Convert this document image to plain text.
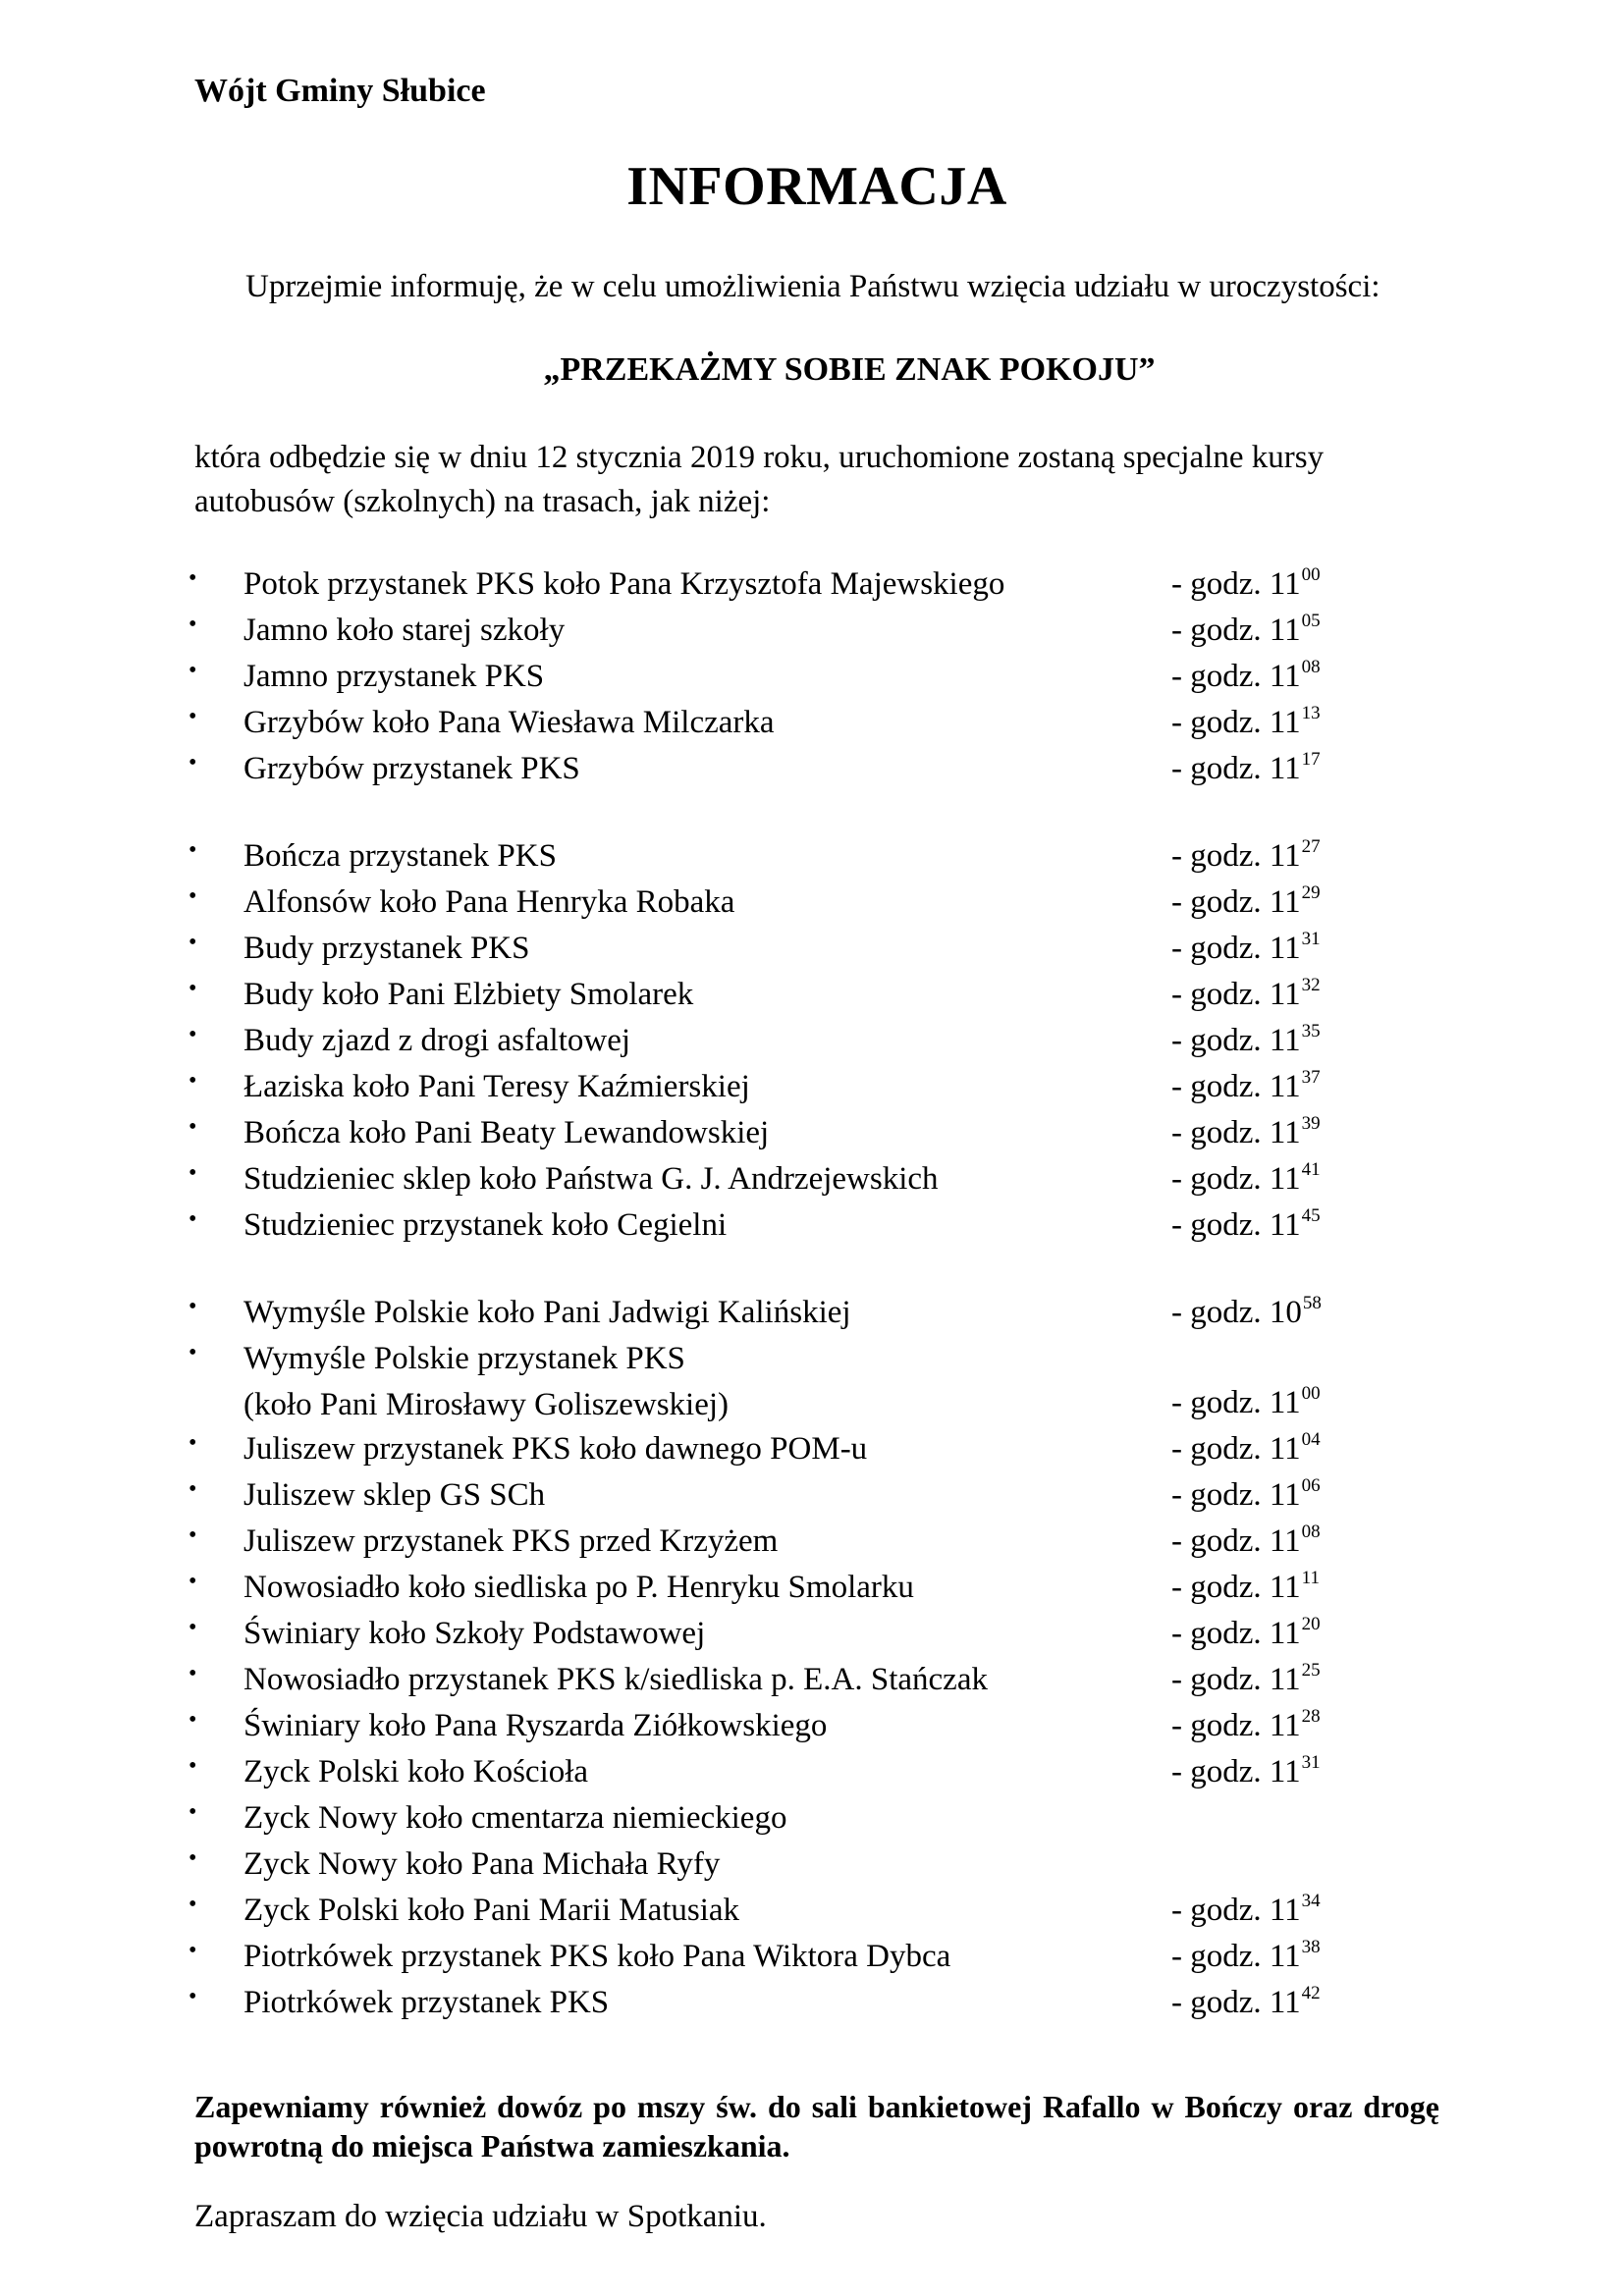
Wójt Gminy Słubice
INFORMACJA
Uprzejmie informuję, że w celu umożliwienia Państwu wzięcia udziału w uroczystości:
„PRZEKAŻMY SOBIE ZNAK POKOJU”
która odbędzie się w dniu 12 stycznia 2019 roku, uruchomione zostaną specjalne kursy autobusów (szkolnych) na trasach, jak niżej:
• Potok przystanek PKS koło Pana Krzysztofa Majewskiego	- godz. $11^{00}$
• Jamno koło starej szkoły	- godz. $11^{05}$
• Jamno przystanek PKS	- godz. $11^{08}$
• Grzybów koło Pana Wiesława Milczarka	- godz. $11^{13}$
• Grzybów przystanek PKS	- godz. $11^{17}$
• Bończa przystanek PKS	- godz. $11^{27}$
• Alfonsów koło Pana Henryka Robaka	- godz. $11^{29}$
• Budy przystanek PKS	- godz. $11^{31}$
• Budy koło Pani Elżbiety Smolarek	- godz. $11^{32}$
• Budy zjazd z drogi asfaltowej	- godz. $11^{35}$
• Łaziska koło Pani Teresy Kaźmierskiej	- godz. $11^{37}$
• Bończa koło Pani Beaty Lewandowskiej	- godz. $11^{39}$
• Studzieniec sklep koło Państwa G. J. Andrzejewskich	- godz. $11^{41}$
• Studzieniec przystanek koło Cegielni	- godz. $11^{45}$
• Wymyśle Polskie koło Pani Jadwigi Kalińskiej	- godz. $10^{58}$
• Wymyśle Polskie przystanek PKS
(koło Pani Mirosławy Goliszewskiej)	- godz. $11^{00}$
• Juliszew przystanek PKS koło dawnego POM-u	- godz. $11^{04}$
• Juliszew sklep GS SCh	- godz. $11^{06}$
• Juliszew przystanek PKS przed Krzyżem	- godz. $11^{08}$
• Nowosiadło koło siedliska po P. Henryku Smolarku	- godz. $11^{11}$
• Świniary koło Szkoły Podstawowej	- godz. $11^{20}$
• Nowosiadło przystanek PKS k/siedliska p. E.A. Stańczak	- godz. $11^{25}$
• Świniary koło Pana Ryszarda Ziółkowskiego	- godz. $11^{28}$
• Zyck Polski koło Kościoła	- godz. $11^{31}$
• Zyck Nowy koło cmentarza niemieckiego
• Zyck Nowy koło Pana Michała Ryfy
• Zyck Polski koło Pani Marii Matusiak	- godz. $11^{34}$
• Piotrkówek przystanek PKS koło Pana Wiktora Dybca	- godz. $11^{38}$
• Piotrkówek przystanek PKS	- godz. $11^{42}$
Zapewniamy również dowóz po mszy św. do sali bankietowej Rafallo w Bończy oraz drogę powrotną do miejsca Państwa zamieszkania.
Zapraszam do wzięcia udziału w Spotkaniu.
